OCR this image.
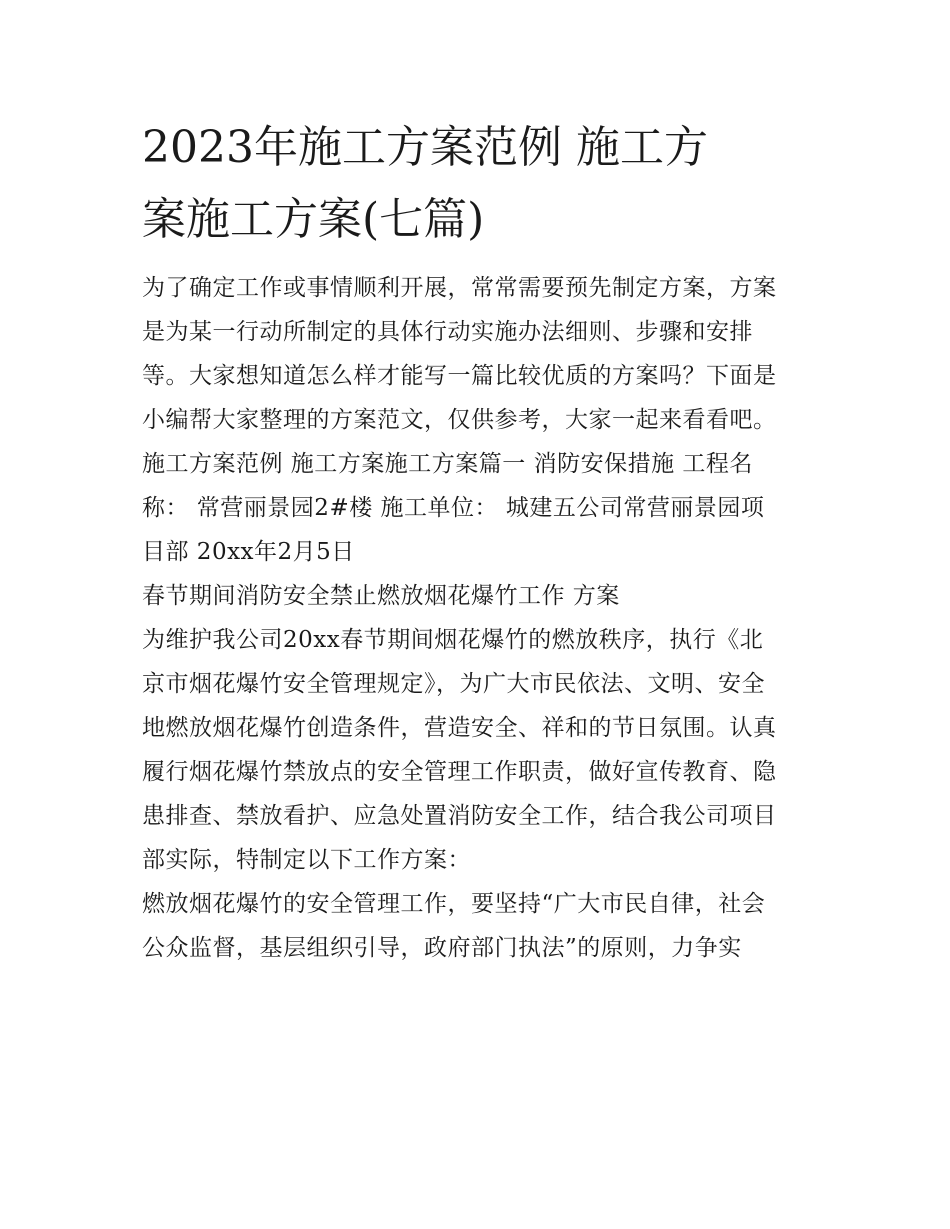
2023年施工方案范例 施工方
案施工方案(七篇)
为了确定工作或事情顺利开展，常常需要预先制定方案，方案
是为某一行动所制定的具体行动实施办法细则、步骤和安排
等。大家想知道怎么样才能写一篇比较优质的方案吗？下面是
小编帮大家整理的方案范文，仅供参考，大家一起来看看吧。
施工方案范例 施工方案施工方案篇一 消防安保措施 工程名
称： 常营丽景园2#楼 施工单位： 城建五公司常营丽景园项
目部 20xx年2月5日
春节期间消防安全禁止燃放烟花爆竹工作 方案
为维护我公司20xx春节期间烟花爆竹的燃放秩序，执行《北
京市烟花爆竹安全管理规定》，为广大市民依法、文明、安全
地燃放烟花爆竹创造条件，营造安全、祥和的节日氛围。认真
履行烟花爆竹禁放点的安全管理工作职责，做好宣传教育、隐
患排查、禁放看护、应急处置消防安全工作，结合我公司项目
部实际，特制定以下工作方案：
燃放烟花爆竹的安全管理工作，要坚持“广大市民自律，社会
公众监督，基层组织引导，政府部门执法”的原则，力争实
